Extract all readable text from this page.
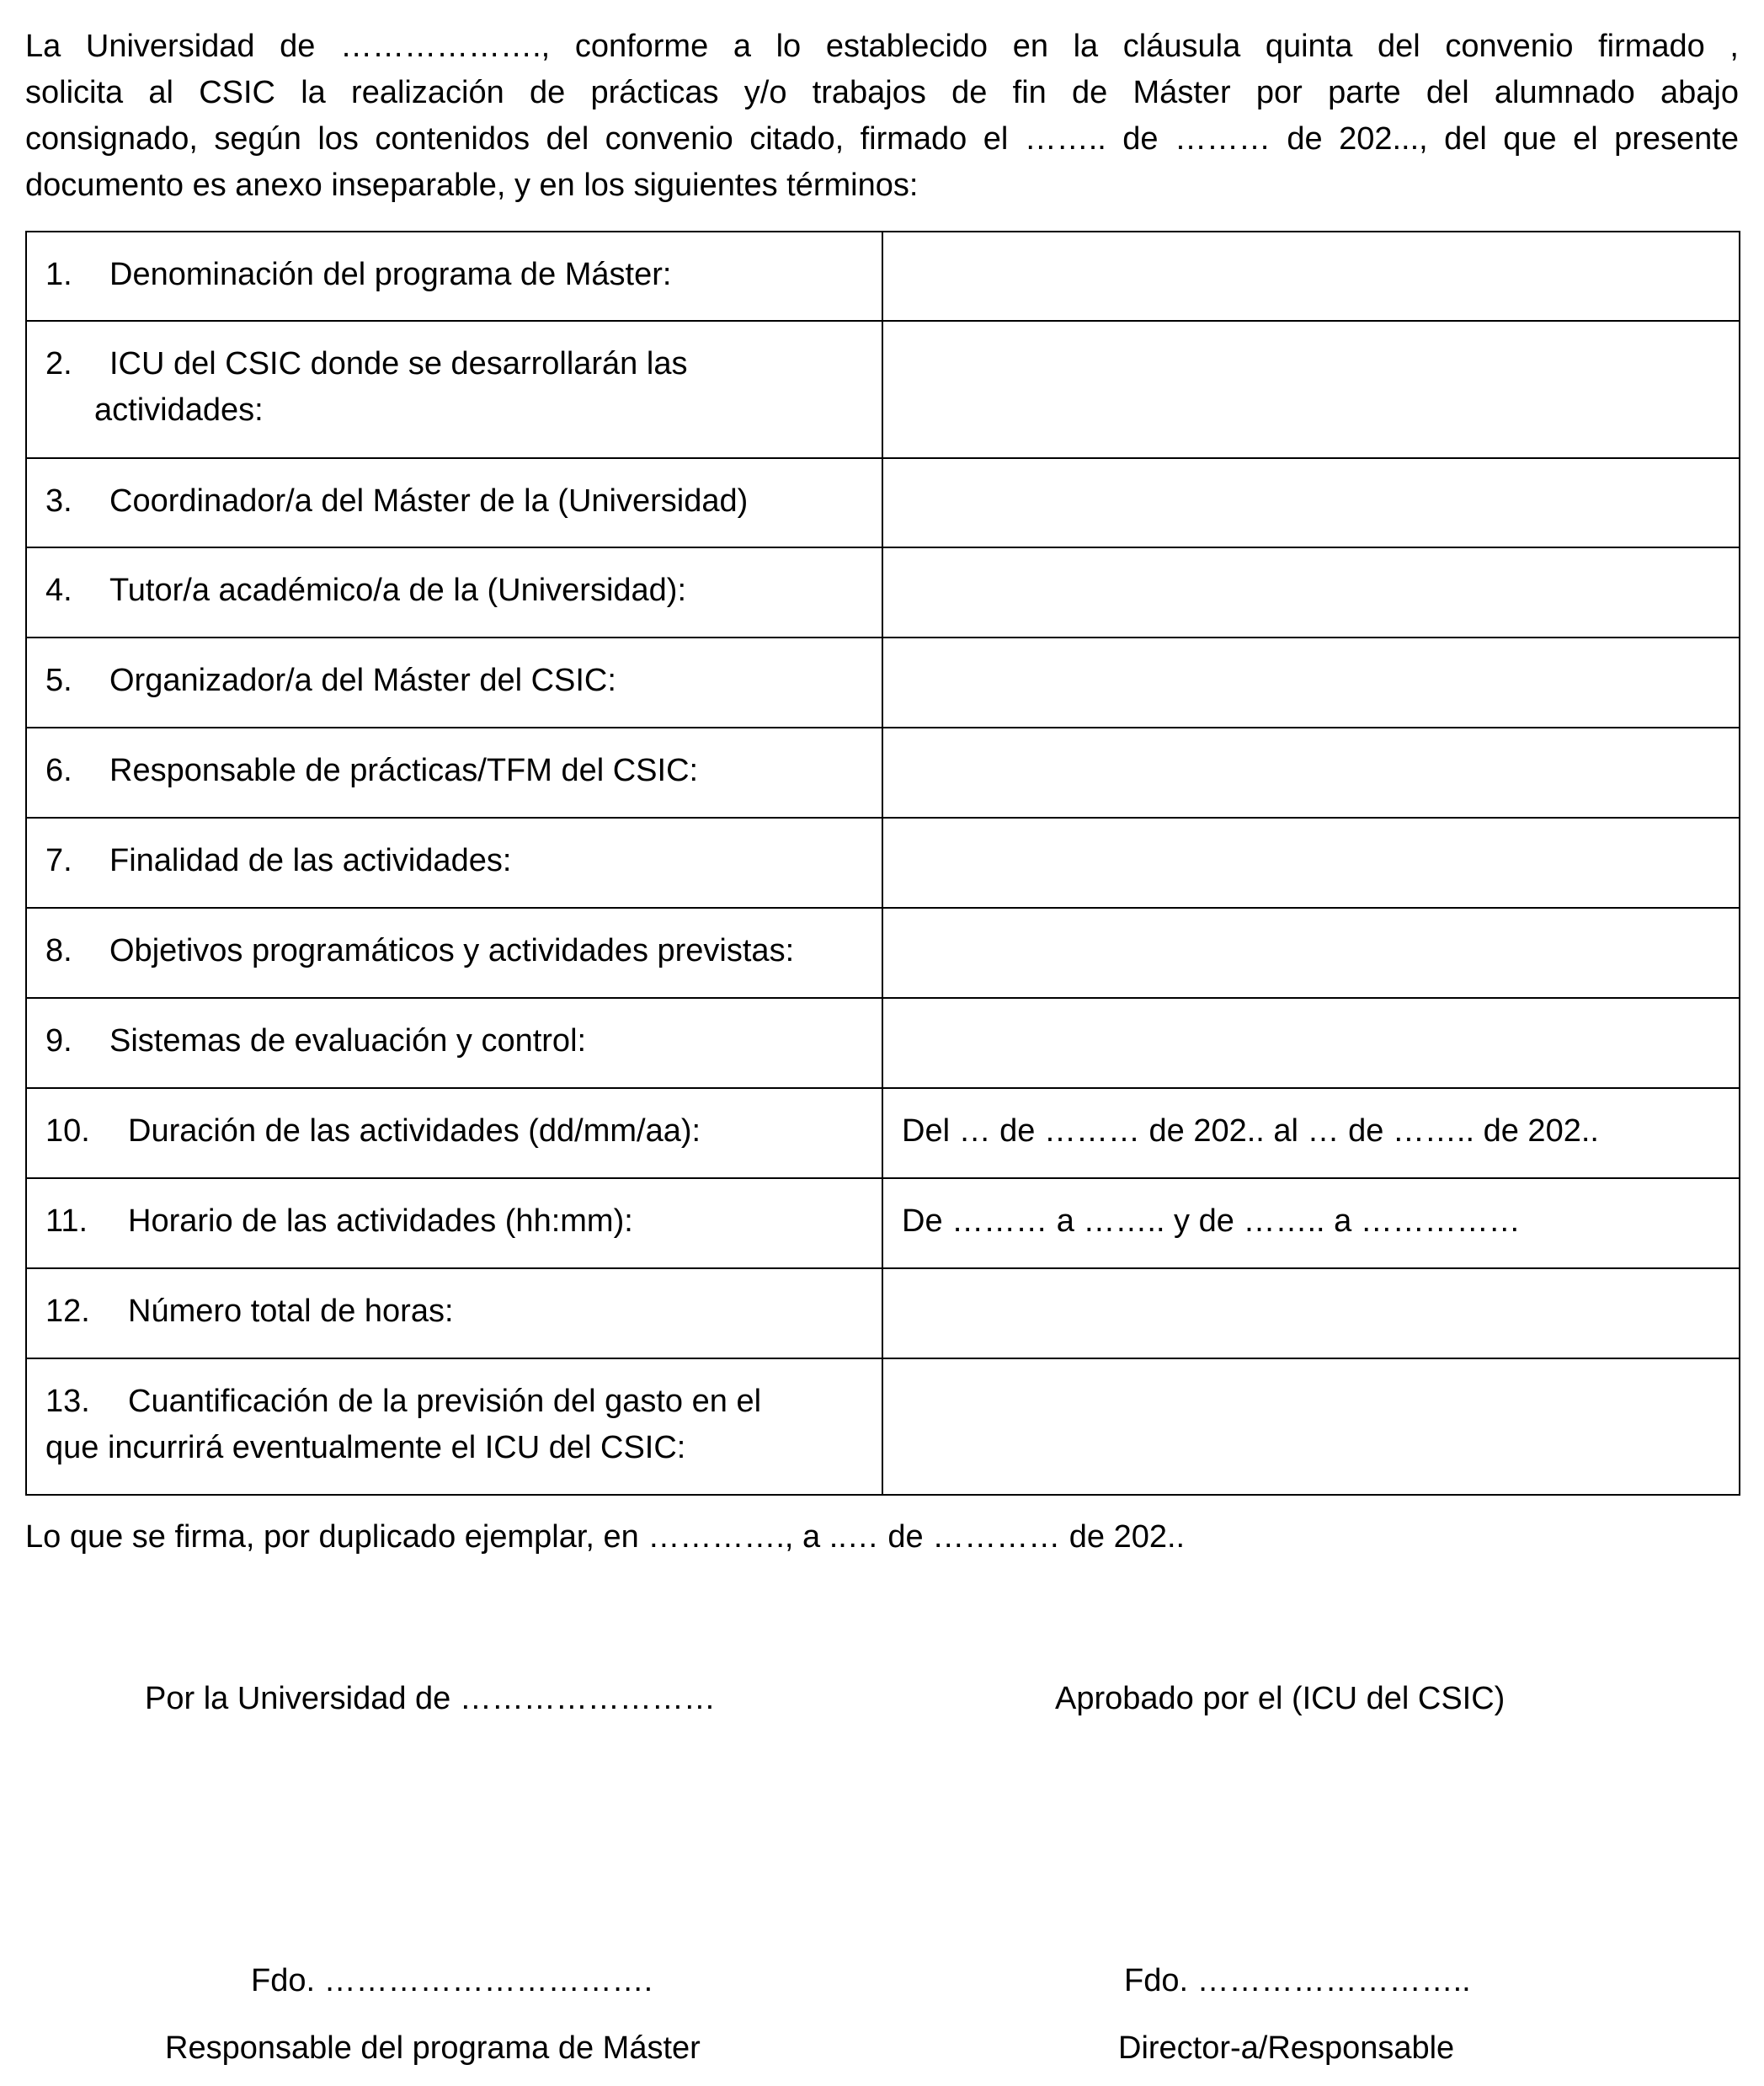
La Universidad de ………………., conforme a lo establecido en la cláusula quinta del convenio firmado ,
solicita al CSIC la realización de prácticas y/o trabajos de fin de Máster por parte del alumnado abajo
consignado, según los contenidos del convenio citado, firmado el …….. de ……… de 202..., del que el presente
documento es anexo inseparable, y en los siguientes términos:

1. Denominación del programa de Máster:	
2. ICU del CSIC donde se desarrollarán las
actividades:	

3. Coordinador/a del Máster de la (Universidad)	
4. Tutor/a académico/a de la (Universidad):	
5. Organizador/a del Máster del CSIC:	
6. Responsable de prácticas/TFM del CSIC:	
7. Finalidad de las actividades:	
8. Objetivos programáticos y actividades previstas:	
9. Sistemas de evaluación y control:	
10. Duración de las actividades (dd/mm/aa):	Del … de ……… de 202.. al … de …….. de 202..
11. Horario de las actividades (hh:mm):	De ……… a …….. y de …….. a ……………
12. Número total de horas:	
13. Cuantificación de la previsión del gasto en el
que incurrirá eventualmente el ICU del CSIC:	

Lo que se firma, por duplicado ejemplar, en …………., a ..… de ………… de 202..

Por la Universidad de ……………………	Aprobado por el (ICU del CSIC)
Fdo. ………………………….	Fdo. ……………………..
Responsable del programa de Máster	Director-a/Responsable
